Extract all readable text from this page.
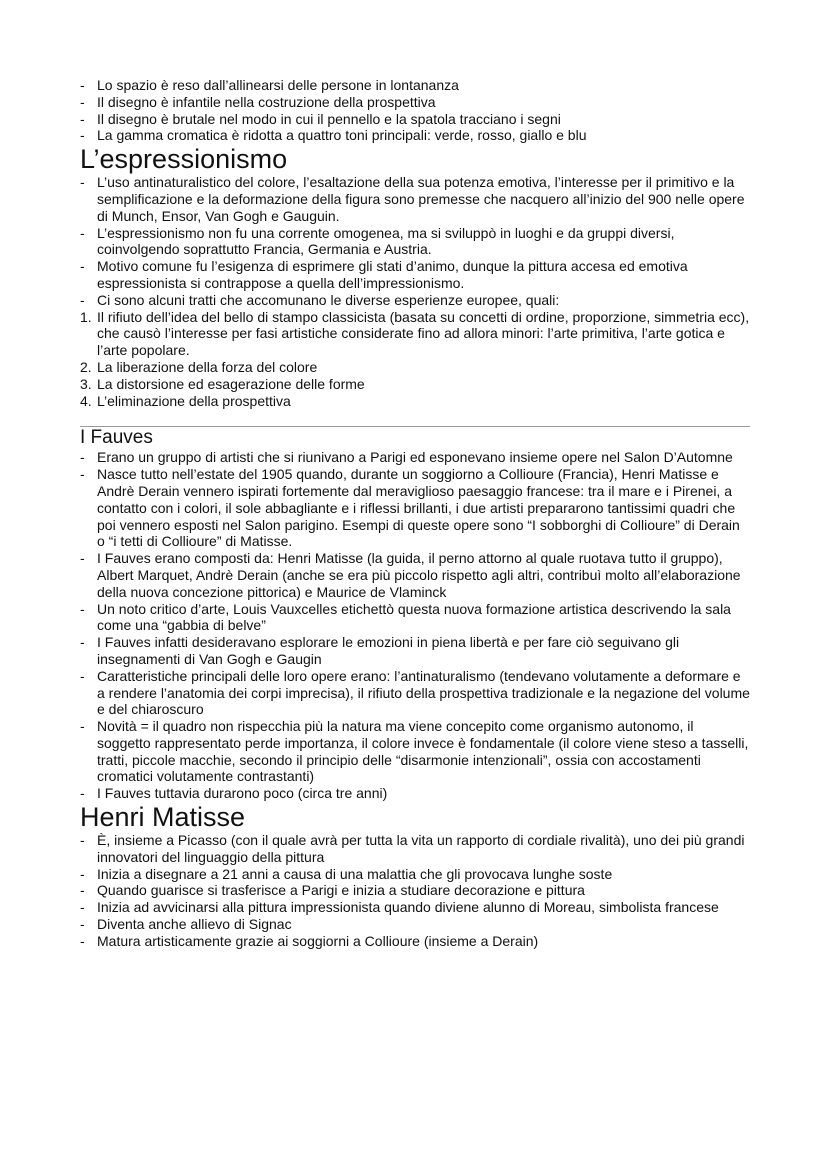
- Lo spazio è reso dall’allinearsi delle persone in lontananza
- Il disegno è infantile nella costruzione della prospettiva
- Il disegno è brutale nel modo in cui il pennello e la spatola tracciano i segni
- La gamma cromatica è ridotta a quattro toni principali: verde, rosso, giallo e blu
L’espressionismo
- L’uso antinaturalistico del colore, l’esaltazione della sua potenza emotiva, l’interesse per il primitivo e la semplificazione e la deformazione della figura sono premesse che nacquero all’inizio del 900 nelle opere di Munch, Ensor, Van Gogh e Gauguin.
- L’espressionismo non fu una corrente omogenea, ma si sviluppò in luoghi e da gruppi diversi, coinvolgendo soprattutto Francia, Germania e Austria.
- Motivo comune fu l’esigenza di esprimere gli stati d’animo, dunque la pittura accesa ed emotiva espressionista si contrappose a quella dell’impressionismo.
- Ci sono alcuni tratti che accomunano le diverse esperienze europee, quali:
1. Il rifiuto dell’idea del bello di stampo classicista (basata su concetti di ordine, proporzione, simmetria ecc), che causò l’interesse per fasi artistiche considerate fino ad allora minori: l’arte primitiva, l’arte gotica e l’arte popolare.
2. La liberazione della forza del colore
3. La distorsione ed esagerazione delle forme
4. L’eliminazione della prospettiva
I Fauves
- Erano un gruppo di artisti che si riunivano a Parigi ed esponevano insieme opere nel Salon D’Automne
- Nasce tutto nell’estate del 1905 quando, durante un soggiorno a Collioure (Francia), Henri Matisse e Andrè Derain vennero ispirati fortemente dal meraviglioso paesaggio francese: tra il mare e i Pirenei, a contatto con i colori, il sole abbagliante e i riflessi brillanti, i due artisti prepararono tantissimi quadri che poi vennero esposti nel Salon parigino. Esempi di queste opere sono “I sobborghi di Collioure” di Derain o “i tetti di Collioure” di Matisse.
- I Fauves erano composti da: Henri Matisse (la guida, il perno attorno al quale ruotava tutto il gruppo), Albert Marquet, Andrè Derain (anche se era più piccolo rispetto agli altri, contribuì molto all’elaborazione della nuova concezione pittorica) e Maurice de Vlaminck
- Un noto critico d’arte, Louis Vauxcelles etichettò questa nuova formazione artistica descrivendo la sala come una “gabbia di belve”
- I Fauves infatti desideravano esplorare le emozioni in piena libertà e per fare ciò seguivano gli insegnamenti di Van Gogh e Gaugin
- Caratteristiche principali delle loro opere erano: l’antinaturalismo (tendevano volutamente a deformare e a rendere l’anatomia dei corpi imprecisa), il rifiuto della prospettiva tradizionale e la negazione del volume e del chiaroscuro
- Novità = il quadro non rispecchia più la natura ma viene concepito come organismo autonomo, il soggetto rappresentato perde importanza, il colore invece è fondamentale (il colore viene steso a tasselli, tratti, piccole macchie, secondo il principio delle “disarmonie intenzionali”, ossia con accostamenti cromatici volutamente contrastanti)
- I Fauves tuttavia durarono poco (circa tre anni)
Henri Matisse
- È, insieme a Picasso (con il quale avrà per tutta la vita un rapporto di cordiale rivalità), uno dei più grandi innovatori del linguaggio della pittura
- Inizia a disegnare a 21 anni a causa di una malattia che gli provocava lunghe soste
- Quando guarisce si trasferisce a Parigi e inizia a studiare decorazione e pittura
- Inizia ad avvicinarsi alla pittura impressionista quando diviene alunno di Moreau, simbolista francese
- Diventa anche allievo di Signac
- Matura artisticamente grazie ai soggiorni a Collioure (insieme a Derain)
